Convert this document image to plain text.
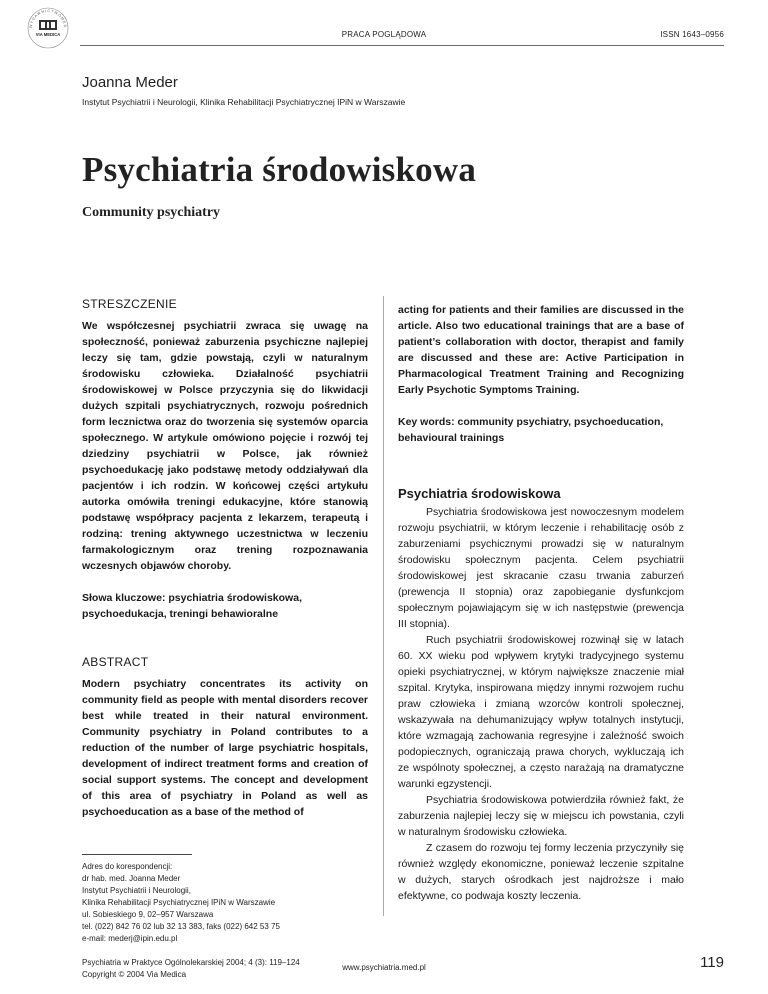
W Y D A W N I C T W O M E D
VIA MEDICA	PRACA POGLĄDOWA	ISSN 1643–0956
Joanna Meder
Instytut Psychiatrii i Neurologii, Klinika Rehabilitacji Psychiatrycznej IPiN w Warszawie
Psychiatria środowiskowa
Community psychiatry
STRESZCZENIE

We współczesnej psychiatrii zwraca się uwagę na społeczność, ponieważ zaburzenia psychiczne najlepiej leczy się tam, gdzie powstają, czyli w naturalnym środowisku człowieka. Działalność psychiatrii środowiskowej w Polsce przyczynia się do likwidacji dużych szpitali psychiatrycznych, rozwoju pośrednich form lecznictwa oraz do tworzenia się systemów oparcia społecznego. W artykule omówiono pojęcie i rozwój tej dziedziny psychiatrii w Polsce, jak również psychoedukację jako podstawę metody oddziaływań dla pacjentów i ich rodzin. W końcowej części artykułu autorka omówiła treningi edukacyjne, które stanowią podstawę współpracy pacjenta z lekarzem, terapeutą i rodziną: trening aktywnego uczestnictwa w leczeniu farmakologicznym oraz trening rozpoznawania wczesnych objawów choroby.

Słowa kluczowe: psychiatria środowiskowa, psychoedukacja, treningi behawioralne

ABSTRACT

Modern psychiatry concentrates its activity on community field as people with mental disorders recover best while treated in their natural environment. Community psychiatry in Poland contributes to a reduction of the number of large psychiatric hospitals, development of indirect treatment forms and creation of social support systems. The concept and development of this area of psychiatry in Poland as well as psychoeducation as a base of the method of

Adres do korespondencji:

dr hab. med. Joanna Meder

Instytut Psychiatrii i Neurologii,

Klinika Rehabilitacji Psychiatrycznej IPiN w Warszawie

ul. Sobieskiego 9, 02–957 Warszawa

tel. (022) 842 76 02 lub 32 13 383, faks (022) 642 53 75

e-mail: mederj@ipin.edu.pl

Psychiatria w Praktyce Ogólnolekarskiej 2004; 4 (3): 119–124

Copyright © 2004 Via Medica

acting for patients and their families are discussed in the article. Also two educational trainings that are a base of patient’s collaboration with doctor, therapist and family are discussed and these are: Active Participation in Pharmacological Treatment Training and Recognizing Early Psychotic Symptoms Training.

Key words: community psychiatry, psychoeducation, behavioural trainings

Psychiatria środowiskowa

Psychiatria środowiskowa jest nowoczesnym modelem rozwoju psychiatrii, w którym leczenie i rehabilitację osób z zaburzeniami psychicznymi prowadzi się w naturalnym środowisku społecznym pacjenta. Celem psychiatrii środowiskowej jest skracanie czasu trwania zaburzeń (prewencja II stopnia) oraz zapobieganie dysfunkcjom społecznym pojawiającym się w ich następstwie (prewencja III stopnia).

Ruch psychiatrii środowiskowej rozwinął się w latach 60. XX wieku pod wpływem krytyki tradycyjnego systemu opieki psychiatrycznej, w którym największe znaczenie miał szpital. Krytyka, inspirowana między innymi rozwojem ruchu praw człowieka i zmianą wzorców kontroli społecznej, wskazywała na dehumanizujący wpływ totalnych instytucji, które wzmagają zachowania regresyjne i zależność swoich podopiecznych, ograniczają prawa chorych, wykluczają ich ze wspólnoty społecznej, a często narażają na dramatyczne warunki egzystencji.

Psychiatria środowiskowa potwierdziła również fakt, że zaburzenia najlepiej leczy się w miejscu ich powstania, czyli w naturalnym środowisku człowieka.

Z czasem do rozwoju tej formy leczenia przyczyniły się również względy ekonomiczne, ponieważ leczenie szpitalne w dużych, starych ośrodkach jest najdroższe i mało efektywne, co podwaja koszty leczenia.

www.psychiatria.med.pl	119
